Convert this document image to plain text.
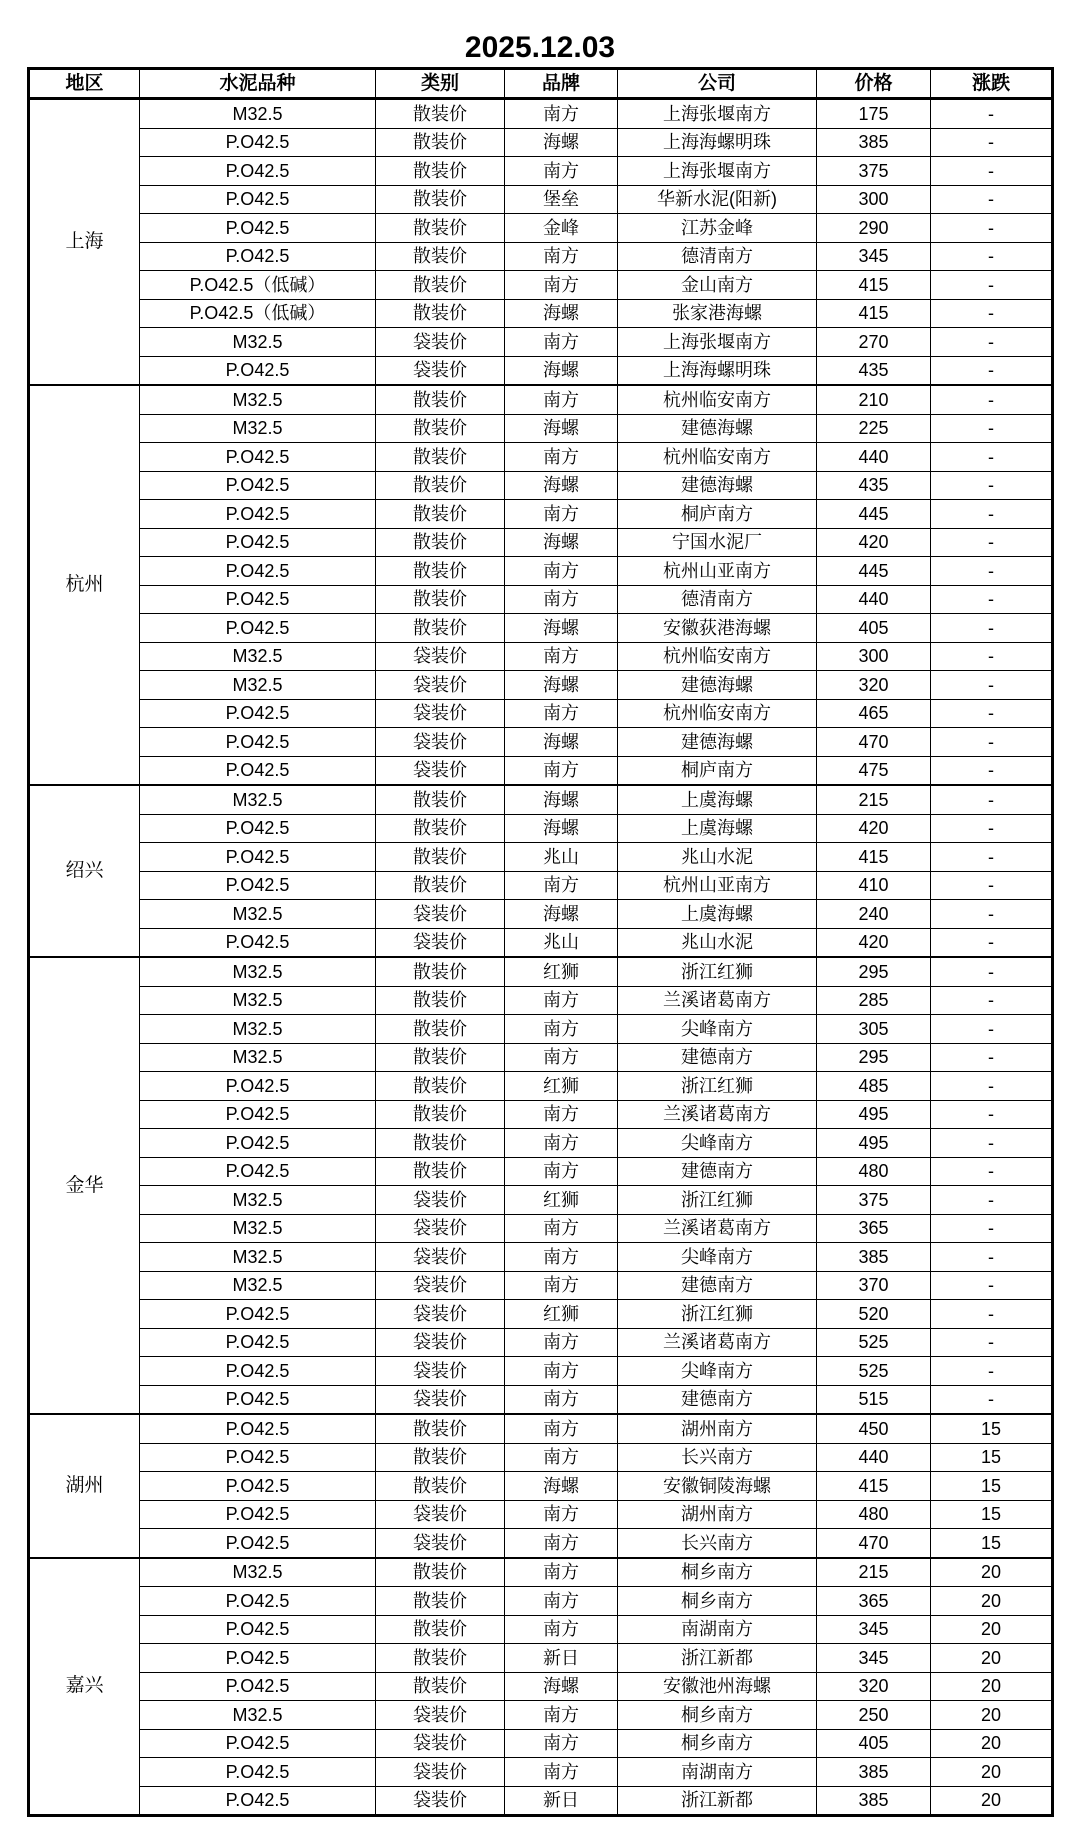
2025.12.03
地区	水泥品种	类别	品牌	公司	价格	涨跌
上海	M32.5	散装价	南方	上海张堰南方	175	-
	P.O42.5	散装价	海螺	上海海螺明珠	385	-
	P.O42.5	散装价	南方	上海张堰南方	375	-
	P.O42.5	散装价	堡垒	华新水泥(阳新)	300	-
	P.O42.5	散装价	金峰	江苏金峰	290	-
	P.O42.5	散装价	南方	德清南方	345	-
	P.O42.5（低碱）	散装价	南方	金山南方	415	-
	P.O42.5（低碱）	散装价	海螺	张家港海螺	415	-
	M32.5	袋装价	南方	上海张堰南方	270	-
	P.O42.5	袋装价	海螺	上海海螺明珠	435	-
杭州	M32.5	散装价	南方	杭州临安南方	210	-
	M32.5	散装价	海螺	建德海螺	225	-
	P.O42.5	散装价	南方	杭州临安南方	440	-
	P.O42.5	散装价	海螺	建德海螺	435	-
	P.O42.5	散装价	南方	桐庐南方	445	-
	P.O42.5	散装价	海螺	宁国水泥厂	420	-
	P.O42.5	散装价	南方	杭州山亚南方	445	-
	P.O42.5	散装价	南方	德清南方	440	-
	P.O42.5	散装价	海螺	安徽荻港海螺	405	-
	M32.5	袋装价	南方	杭州临安南方	300	-
	M32.5	袋装价	海螺	建德海螺	320	-
	P.O42.5	袋装价	南方	杭州临安南方	465	-
	P.O42.5	袋装价	海螺	建德海螺	470	-
	P.O42.5	袋装价	南方	桐庐南方	475	-
绍兴	M32.5	散装价	海螺	上虞海螺	215	-
	P.O42.5	散装价	海螺	上虞海螺	420	-
	P.O42.5	散装价	兆山	兆山水泥	415	-
	P.O42.5	散装价	南方	杭州山亚南方	410	-
	M32.5	袋装价	海螺	上虞海螺	240	-
	P.O42.5	袋装价	兆山	兆山水泥	420	-
金华	M32.5	散装价	红狮	浙江红狮	295	-
	M32.5	散装价	南方	兰溪诸葛南方	285	-
	M32.5	散装价	南方	尖峰南方	305	-
	M32.5	散装价	南方	建德南方	295	-
	P.O42.5	散装价	红狮	浙江红狮	485	-
	P.O42.5	散装价	南方	兰溪诸葛南方	495	-
	P.O42.5	散装价	南方	尖峰南方	495	-
	P.O42.5	散装价	南方	建德南方	480	-
	M32.5	袋装价	红狮	浙江红狮	375	-
	M32.5	袋装价	南方	兰溪诸葛南方	365	-
	M32.5	袋装价	南方	尖峰南方	385	-
	M32.5	袋装价	南方	建德南方	370	-
	P.O42.5	袋装价	红狮	浙江红狮	520	-
	P.O42.5	袋装价	南方	兰溪诸葛南方	525	-
	P.O42.5	袋装价	南方	尖峰南方	525	-
	P.O42.5	袋装价	南方	建德南方	515	-
湖州	P.O42.5	散装价	南方	湖州南方	450	15
	P.O42.5	散装价	南方	长兴南方	440	15
	P.O42.5	散装价	海螺	安徽铜陵海螺	415	15
	P.O42.5	袋装价	南方	湖州南方	480	15
	P.O42.5	袋装价	南方	长兴南方	470	15
嘉兴	M32.5	散装价	南方	桐乡南方	215	20
	P.O42.5	散装价	南方	桐乡南方	365	20
	P.O42.5	散装价	南方	南湖南方	345	20
	P.O42.5	散装价	新日	浙江新都	345	20
	P.O42.5	散装价	海螺	安徽池州海螺	320	20
	M32.5	袋装价	南方	桐乡南方	250	20
	P.O42.5	袋装价	南方	桐乡南方	405	20
	P.O42.5	袋装价	南方	南湖南方	385	20
	P.O42.5	袋装价	新日	浙江新都	385	20
